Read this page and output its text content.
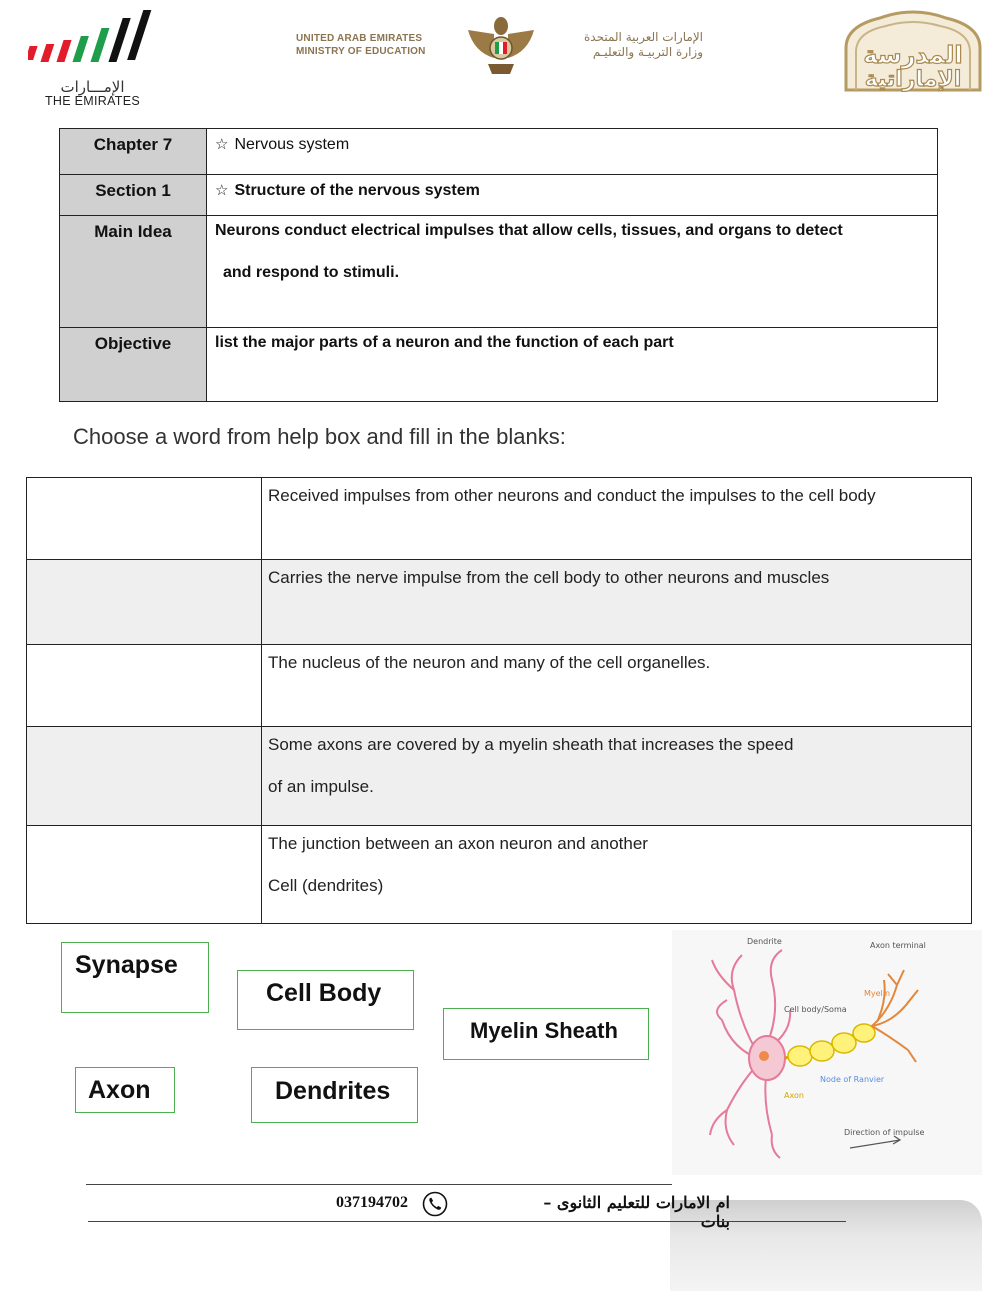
الإمـــارات
THE EMIRATES
UNITED ARAB EMIRATES
MINISTRY OF EDUCATION
الإمارات العربية المتحدة
وزارة التربيـة والتعليـم	المدرسة
الإماراتية
Chapter 7	☆ Nervous system
Section 1	☆ Structure of the nervous system
Main Idea	Neurons conduct electrical impulses that allow cells, tissues, and organs to detect
and respond to stimuli.

Objective	list the major parts of a neuron and the function of each part
Choose a word from help box and fill in the blanks:
	Received impulses from other neurons and conduct the impulses to the cell body
	Carries the nerve impulse from the cell body to other neurons and muscles
	The nucleus of the neuron and many of the cell organelles.
	Some axons are covered by a myelin sheath that increases the speed
of an impulse.

	The junction between an axon neuron and another
Cell (dendrites)
Synapse
Cell Body
Myelin Sheath
Axon	Dendrites
Dendrite
Cell body/Soma
Axon terminal
Myelin
Node of Ranvier
Axon
Direction of impulse
037194702	ام الامارات للتعليم الثانوى – بنات
